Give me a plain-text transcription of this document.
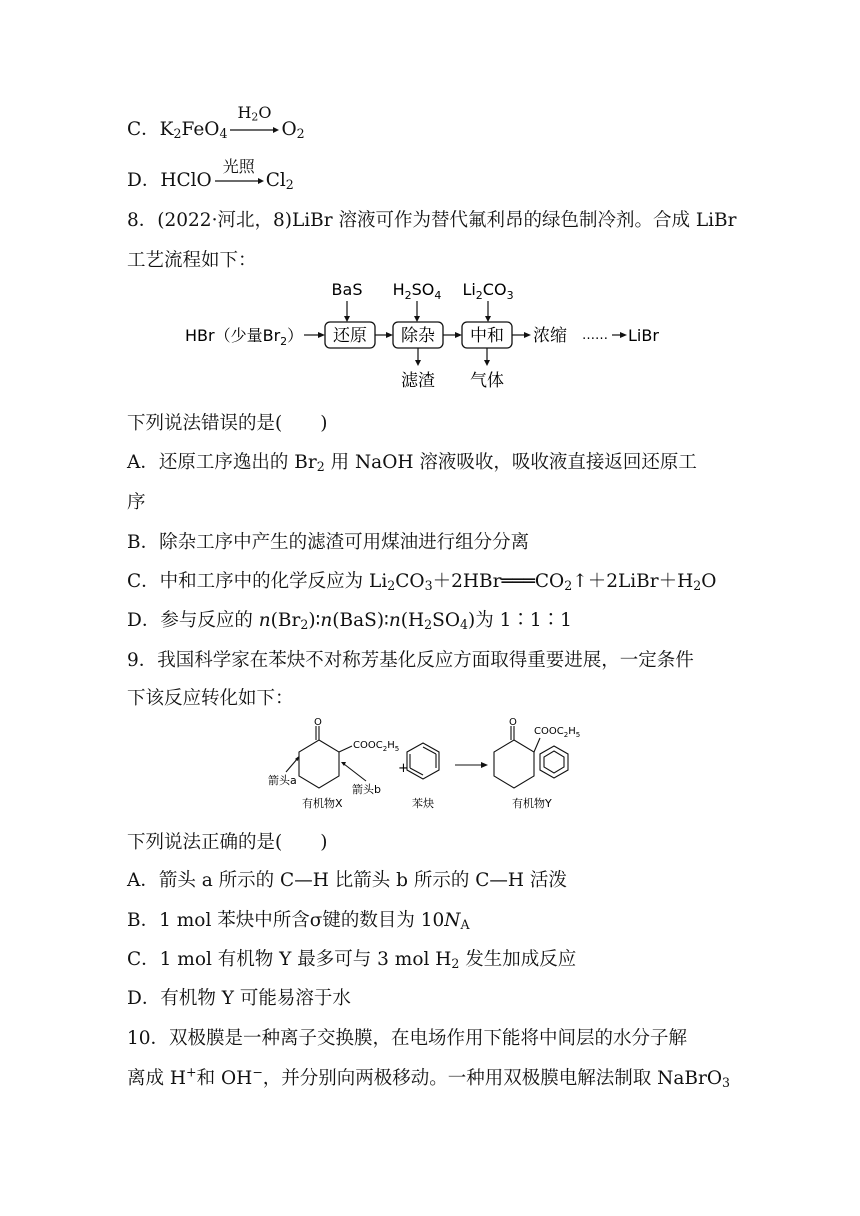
C．$K_2FeO_4$
$H_2O$
$O_2$
D．HClO
光照
$Cl_2$
8．(2022·河北，8)LiBr 溶液可作为替代氟利昂的绿色制冷剂。合成 LiBr
工艺流程如下：
BaS $H_2SO_4$ $Li_2CO_3$
HBr（少量$Br_2$） 还原 除杂 中和 浓缩 …… LiBr
滤渣 气体
下列说法错误的是( )
A．还原工序逸出的 $Br_2$ 用 NaOH 溶液吸收，吸收液直接返回还原工
序
B．除杂工序中产生的滤渣可用煤油进行组分分离
C．中和工序中的化学反应为 $Li_2CO_3+2HBr═══CO_2↑+2LiBr+H_2O$
D．参与反应的 $n(Br_2)∶n(BaS)∶n(H_2SO_4)$为 1∶1∶1
9．我国科学家在苯炔不对称芳基化反应方面取得重要进展，一定条件
下该反应转化如下：
O
$COOC_2H_5$
箭头a
箭头b
有机物X
+
苯炔
O
$COOC_2H_5$
有机物Y
下列说法正确的是( )
A．箭头 a 所示的 C—H 比箭头 b 所示的 C—H 活泼
B．1 mol 苯炔中所含σ键的数目为 $10N_A$
C．1 mol 有机物 Y 最多可与 3 mol $H_2$ 发生加成反应
D．有机物 Y 可能易溶于水
10．双极膜是一种离子交换膜，在电场作用下能将中间层的水分子解
离成 H+和 OH−，并分别向两极移动。一种用双极膜电解法制取 NaBrO$_3$
